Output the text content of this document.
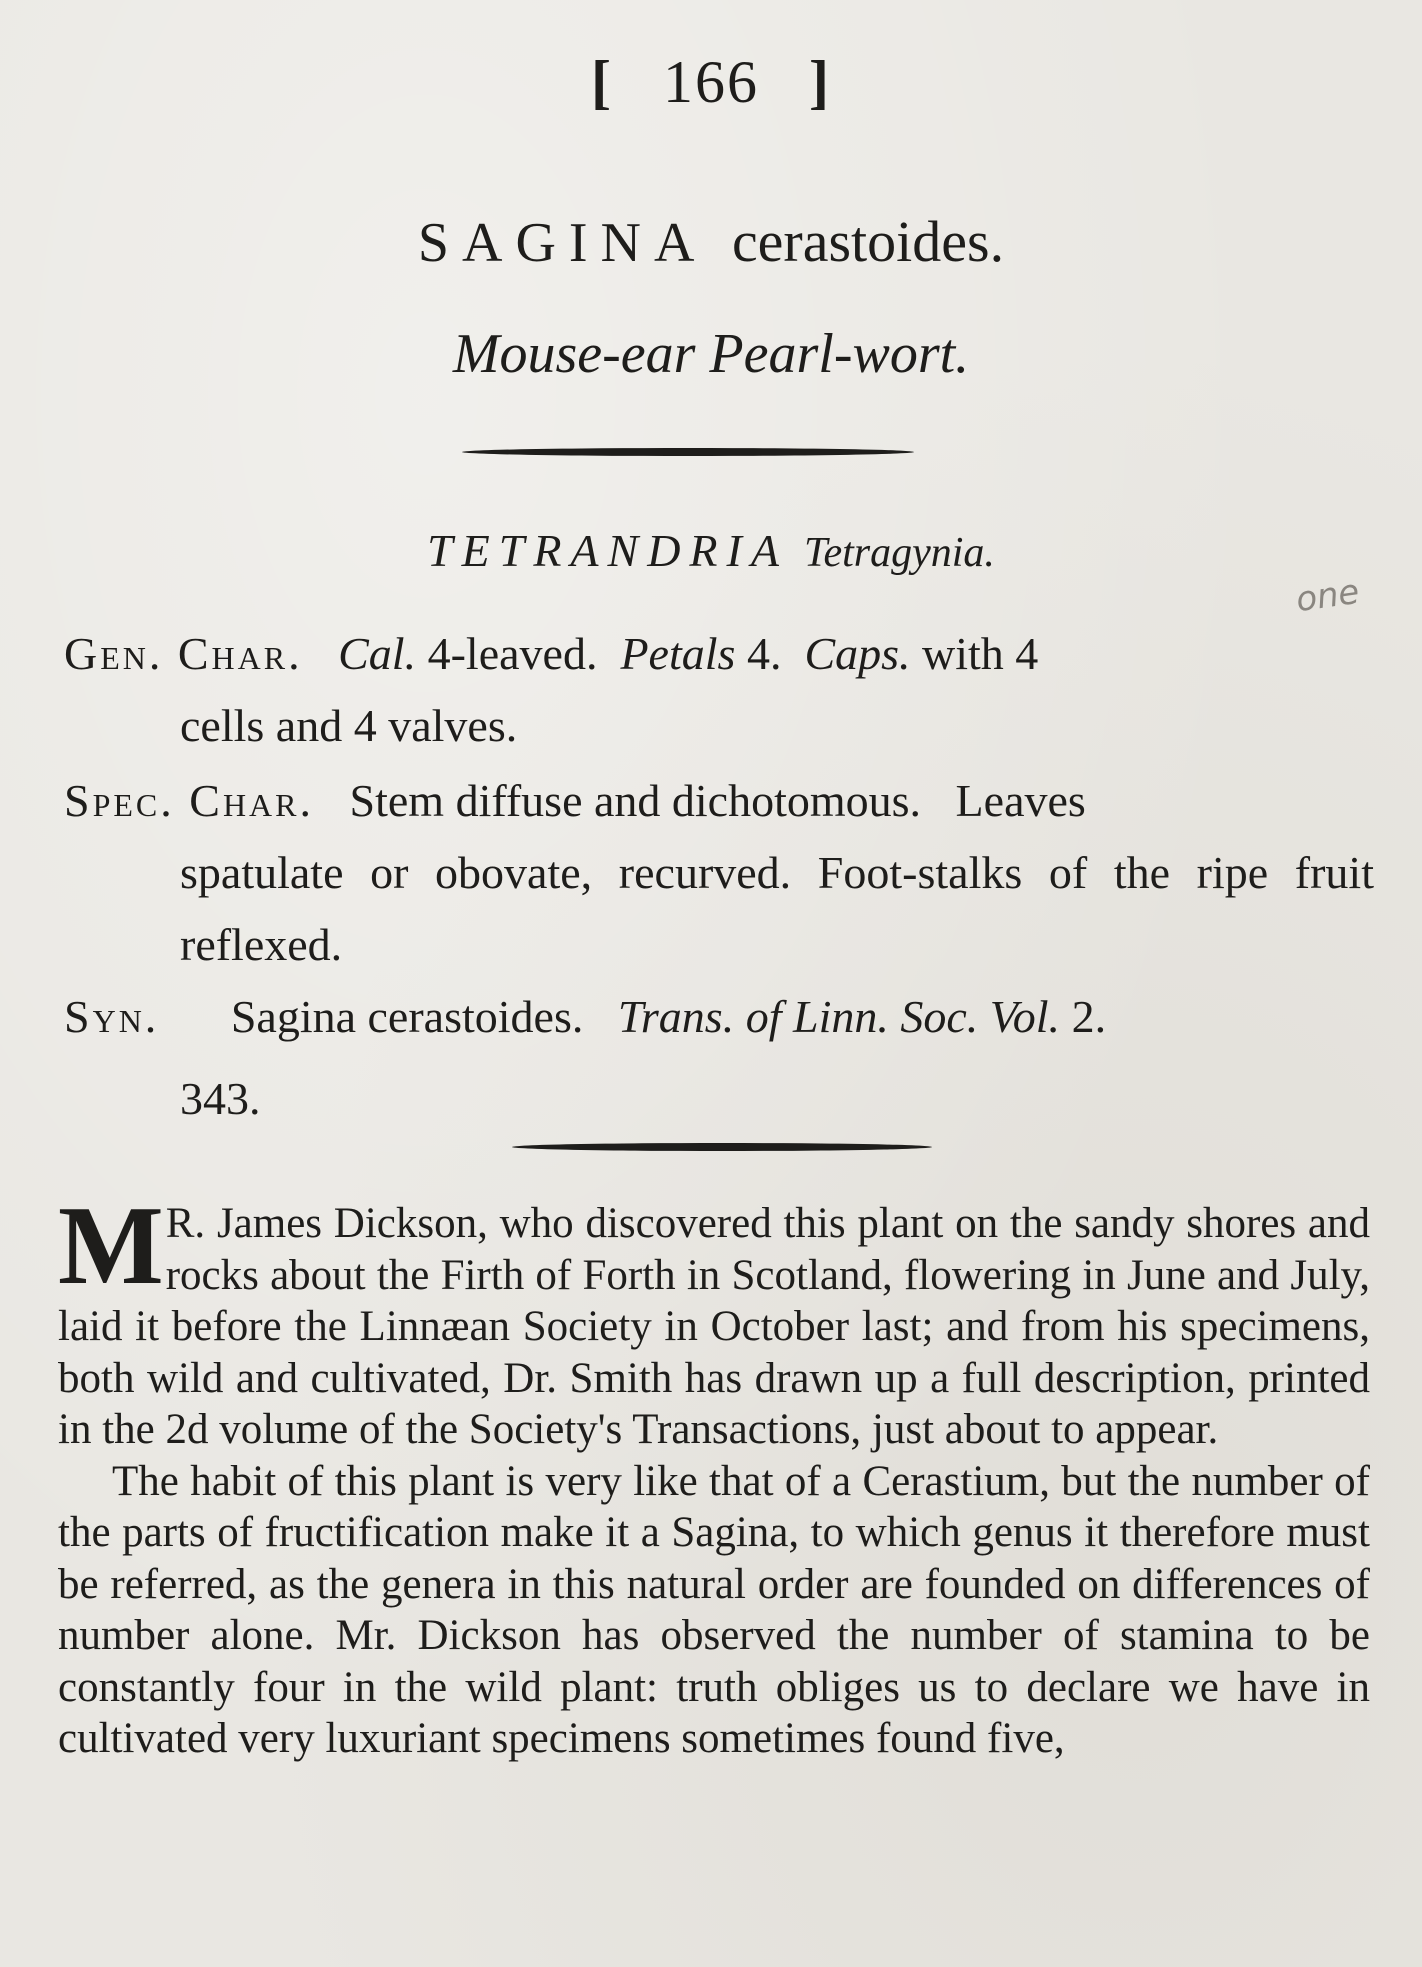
[ 166 ]
SAGINA cerastoides.
Mouse-ear Pearl-wort.
TETRANDRIA Tetragynia.
one
Gen. Char. Cal. 4-leaved. Petals 4. Caps. with 4
cells and 4 valves.
Spec. Char. Stem diffuse and dichotomous.   Leaves
spatulate or obovate, recurved. Foot-stalks of the ripe fruit reflexed.
Syn. Sagina cerastoides. Trans. of Linn. Soc. Vol. 2.
343.

M R. James Dickson, who discovered this plant on the sandy shores and rocks about the Firth of Forth in Scotland, flowering in June and July, laid it before the Linnæan Society in October last; and from his specimens, both wild and cultivated, Dr. Smith has drawn up a full description, printed in the 2d volume of the Society's Transactions, just about to appear.

The habit of this plant is very like that of a Cerastium, but the number of the parts of fructification make it a Sagina, to which genus it therefore must be referred, as the genera in this natural order are founded on differences of number alone. Mr. Dickson has observed the number of stamina to be constantly four in the wild plant: truth obliges us to declare we have in cultivated very luxuriant specimens sometimes found five,
